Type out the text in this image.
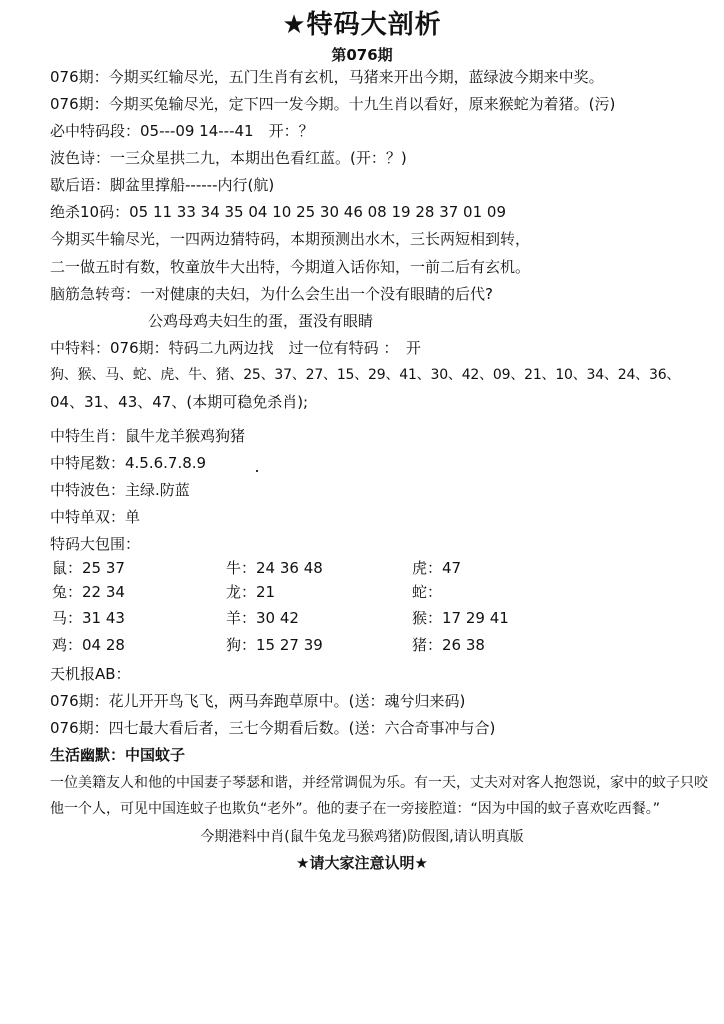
★特码大剖析
第076期
076期：今期买红输尽光，五门生肖有玄机，马猪来开出今期，蓝绿波今期来中奖。
076期：今期买兔输尽光，定下四一发今期。十九生肖以看好，原来猴蛇为着猪。(污)
必中特码段：05---09 14---41　开：？
波色诗：一三众星拱二九，本期出色看红蓝。(开：？)
歇后语：脚盆里撑船------内行(航)
绝杀10码：05 11 33 34 35 04 10 25 30 46 08 19 28 37 01 09
今期买牛输尽光，一四两边猜特码，本期预测出水木，三长两短相到转，
二一做五时有数，牧童放牛大出特，今期道入话你知，一前二后有玄机。
脑筋急转弯：一对健康的夫妇，为什么会生出一个没有眼睛的后代?
公鸡母鸡夫妇生的蛋，蛋没有眼睛
中特料：076期：特码二九两边找　过一位有特码 ：　开
狗、猴、马、蛇、虎、牛、猪、25、37、27、15、29、41、30、42、09、21、10、34、24、36、
04、31、43、47、(本期可稳免杀肖);
中特生肖：鼠牛龙羊猴鸡狗猪
中特尾数：4.5.6.7.8.9
中特波色：主绿.防蓝
中特单双：单
特码大包围：
鼠：25 37	牛：24 36 48	虎：47
兔：22 34	龙：21	蛇：
马：31 43	羊：30 42	猴：17 29 41
鸡：04 28	狗：15 27 39	猪：26 38
天机报AB：
076期：花儿开开鸟飞飞，两马奔跑草原中。(送：魂兮归来码)
076期：四七最大看后者，三七今期看后数。(送：六合奇事冲与合)
生活幽默：中国蚊子
一位美籍友人和他的中国妻子琴瑟和谐，并经常调侃为乐。有一天，丈夫对对客人抱怨说，家中的蚊子只咬
他一个人，可见中国连蚊子也欺负“老外”。他的妻子在一旁接腔道：“因为中国的蚊子喜欢吃西餐。”
今期港料中肖(鼠牛兔龙马猴鸡猪)防假图,请认明真版
★请大家注意认明★
